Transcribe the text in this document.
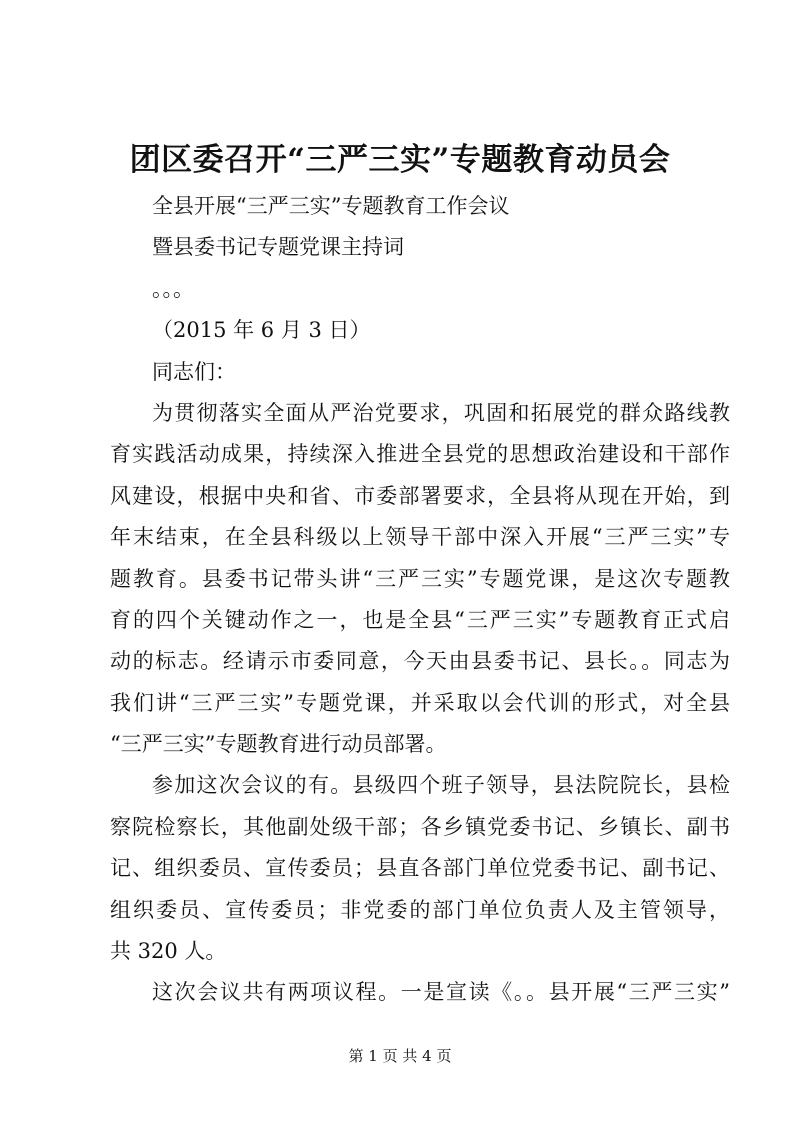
团区委召开“三严三实”专题教育动员会
全县开展“三严三实”专题教育工作会议
暨县委书记专题党课主持词
。。。
（2015 年 6 月 3 日）
同志们：
为贯彻落实全面从严治党要求，巩固和拓展党的群众路线教
育实践活动成果，持续深入推进全县党的思想政治建设和干部作
风建设，根据中央和省、市委部署要求，全县将从现在开始，到
年末结束，在全县科级以上领导干部中深入开展“三严三实”专
题教育。县委书记带头讲“三严三实”专题党课，是这次专题教
育的四个关键动作之一，也是全县“三严三实”专题教育正式启
动的标志。经请示市委同意，今天由县委书记、县长。。同志为
我们讲“三严三实”专题党课，并采取以会代训的形式，对全县
“三严三实”专题教育进行动员部署。
参加这次会议的有。县级四个班子领导，县法院院长，县检
察院检察长，其他副处级干部；各乡镇党委书记、乡镇长、副书
记、组织委员、宣传委员；县直各部门单位党委书记、副书记、
组织委员、宣传委员；非党委的部门单位负责人及主管领导，
共 320 人。
这次会议共有两项议程。一是宣读《。。县开展“三严三实”
第 1 页 共 4 页
